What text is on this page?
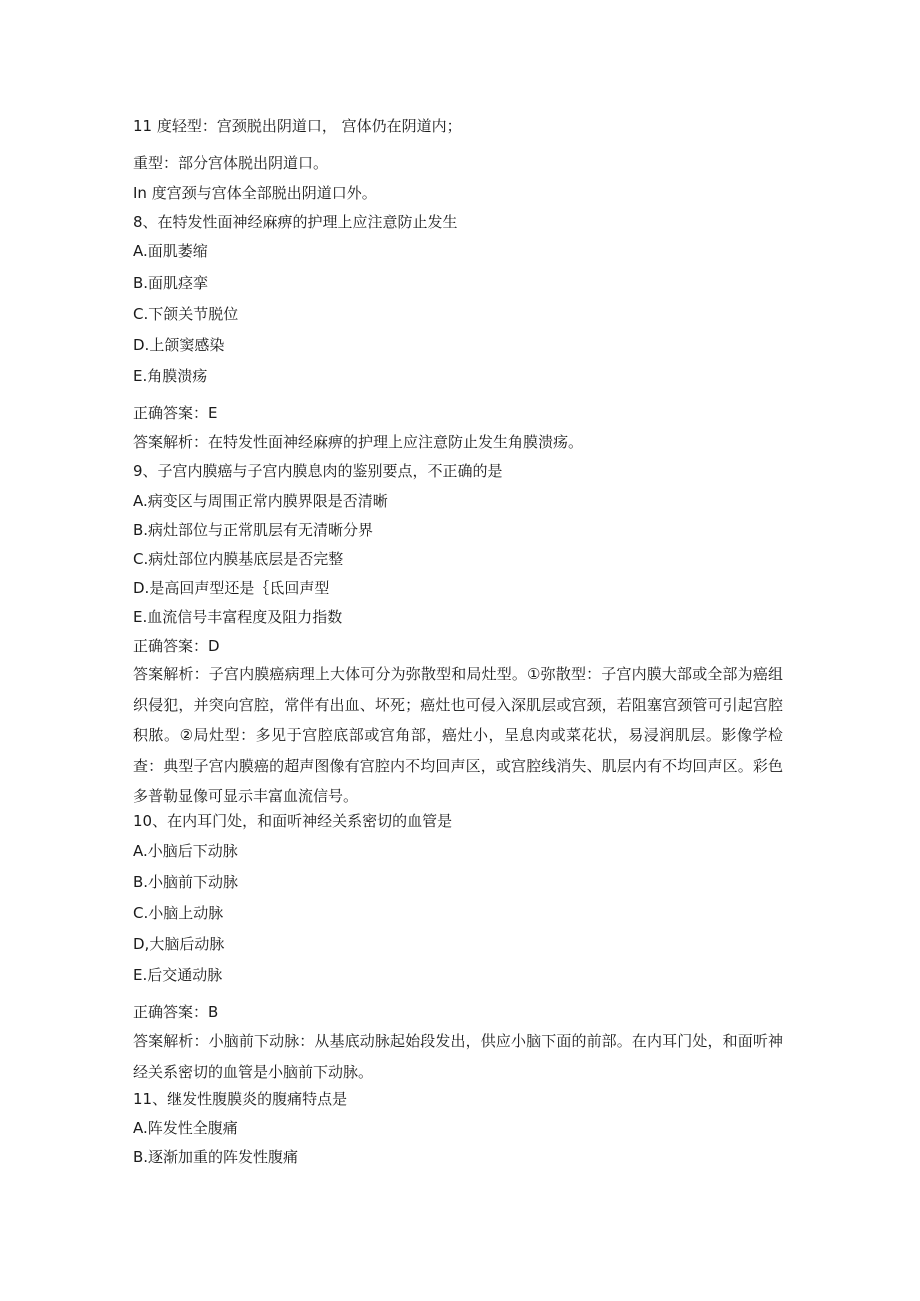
11 度轻型：宫颈脱出阴道口， 宫体仍在阴道内；

重型：部分宫体脱出阴道口。

In 度宫颈与宫体全部脱出阴道口外。

8、在特发性面神经麻痹的护理上应注意防止发生

A.面肌萎缩

B.面肌痉挛

C.下颌关节脱位

D.上颌窦感染

E.角膜溃疡

正确答案：E

答案解析：在特发性面神经麻痹的护理上应注意防止发生角膜溃疡。

9、子宫内膜癌与子宫内膜息肉的鉴别要点，不正确的是

A.病变区与周围正常内膜界限是否清晰

B.病灶部位与正常肌层有无清晰分界

C.病灶部位内膜基底层是否完整

D.是高回声型还是｛氐回声型

E.血流信号丰富程度及阻力指数

正确答案：D

答案解析：子宫内膜癌病理上大体可分为弥散型和局灶型。①弥散型：子宫内膜大部或全部为癌组织侵犯，并突向宫腔，常伴有出血、坏死；癌灶也可侵入深肌层或宫颈，若阻塞宫颈管可引起宫腔积脓。②局灶型：多见于宫腔底部或宫角部，癌灶小，呈息肉或菜花状，易浸润肌层。影像学检查：典型子宫内膜癌的超声图像有宫腔内不均回声区，或宫腔线消失、肌层内有不均回声区。彩色多普勒显像可显示丰富血流信号。

10、在内耳门处，和面听神经关系密切的血管是

A.小脑后下动脉

B.小脑前下动脉

C.小脑上动脉

D,大脑后动脉

E.后交通动脉

正确答案：B

答案解析：小脑前下动脉：从基底动脉起始段发出，供应小脑下面的前部。在内耳门处，和面听神经关系密切的血管是小脑前下动脉。

11、继发性腹膜炎的腹痛特点是

A.阵发性全腹痛

B.逐渐加重的阵发性腹痛
